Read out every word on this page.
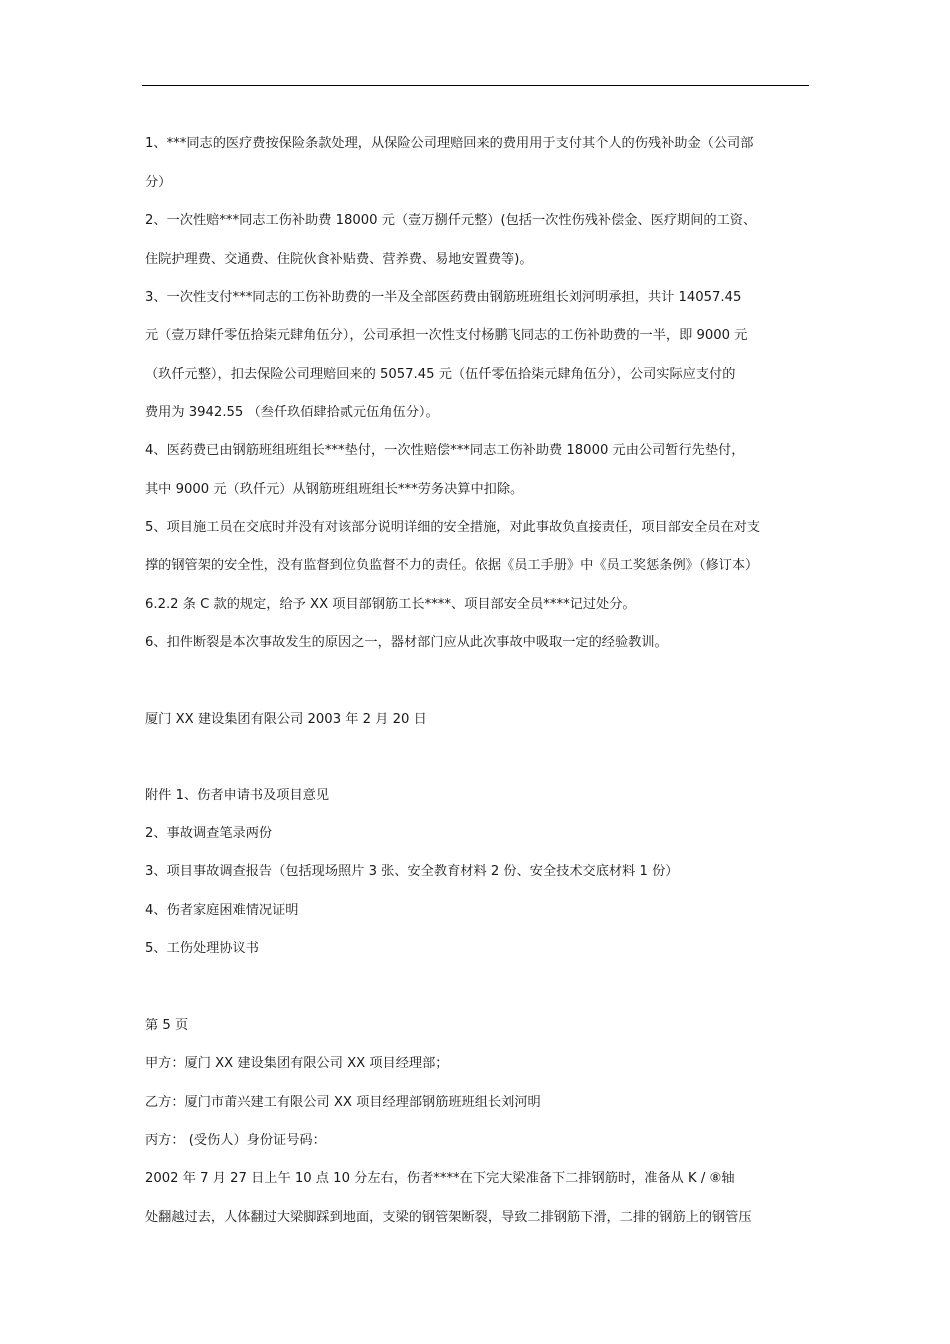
1、***同志的医疗费按保险条款处理，从保险公司理赔回来的费用用于支付其个人的伤残补助金（公司部
分）
2、一次性赔***同志工伤补助费 18000 元（壹万捌仟元整）(包括一次性伤残补偿金、医疗期间的工资、
住院护理费、交通费、住院伙食补贴费、营养费、易地安置费等)。
3、一次性支付***同志的工伤补助费的一半及全部医药费由钢筋班班组长刘河明承担，共计 14057.45
元（壹万肆仟零伍拾柒元肆角伍分），公司承担一次性支付杨鹏飞同志的工伤补助费的一半，即 9000 元
（玖仟元整），扣去保险公司理赔回来的 5057.45 元（伍仟零伍拾柒元肆角伍分），公司实际应支付的
费用为 3942.55 （叁仟玖佰肆拾贰元伍角伍分）。
4、医药费已由钢筋班组班组长***垫付，一次性赔偿***同志工伤补助费 18000 元由公司暂行先垫付，
其中 9000 元（玖仟元）从钢筋班组班组长***劳务决算中扣除。
5、项目施工员在交底时并没有对该部分说明详细的安全措施，对此事故负直接责任，项目部安全员在对支
撑的钢管架的安全性，没有监督到位负监督不力的责任。依据《员工手册》中《员工奖惩条例》（修订本）
6.2.2 条 C 款的规定，给予 XX 项目部钢筋工长****、项目部安全员****记过处分。
6、扣件断裂是本次事故发生的原因之一，器材部门应从此次事故中吸取一定的经验教训。
厦门 XX 建设集团有限公司 2003 年 2 月 20 日
附件 1、伤者申请书及项目意见
2、事故调查笔录两份
3、项目事故调查报告（包括现场照片 3 张、安全教育材料 2 份、安全技术交底材料 1 份）
4、伤者家庭困难情况证明
5、工伤处理协议书
第 5 页
甲方：厦门 XX 建设集团有限公司 XX 项目经理部；
乙方：厦门市莆兴建工有限公司 XX 项目经理部钢筋班班组长刘河明
丙方： (受伤人）身份证号码：
2002 年 7 月 27 日上午 10 点 10 分左右，伤者****在下完大梁准备下二排钢筋时，准备从 K / ⑧轴
处翻越过去，人体翻过大梁脚踩到地面，支梁的钢管架断裂，导致二排钢筋下滑，二排的钢筋上的钢管压
